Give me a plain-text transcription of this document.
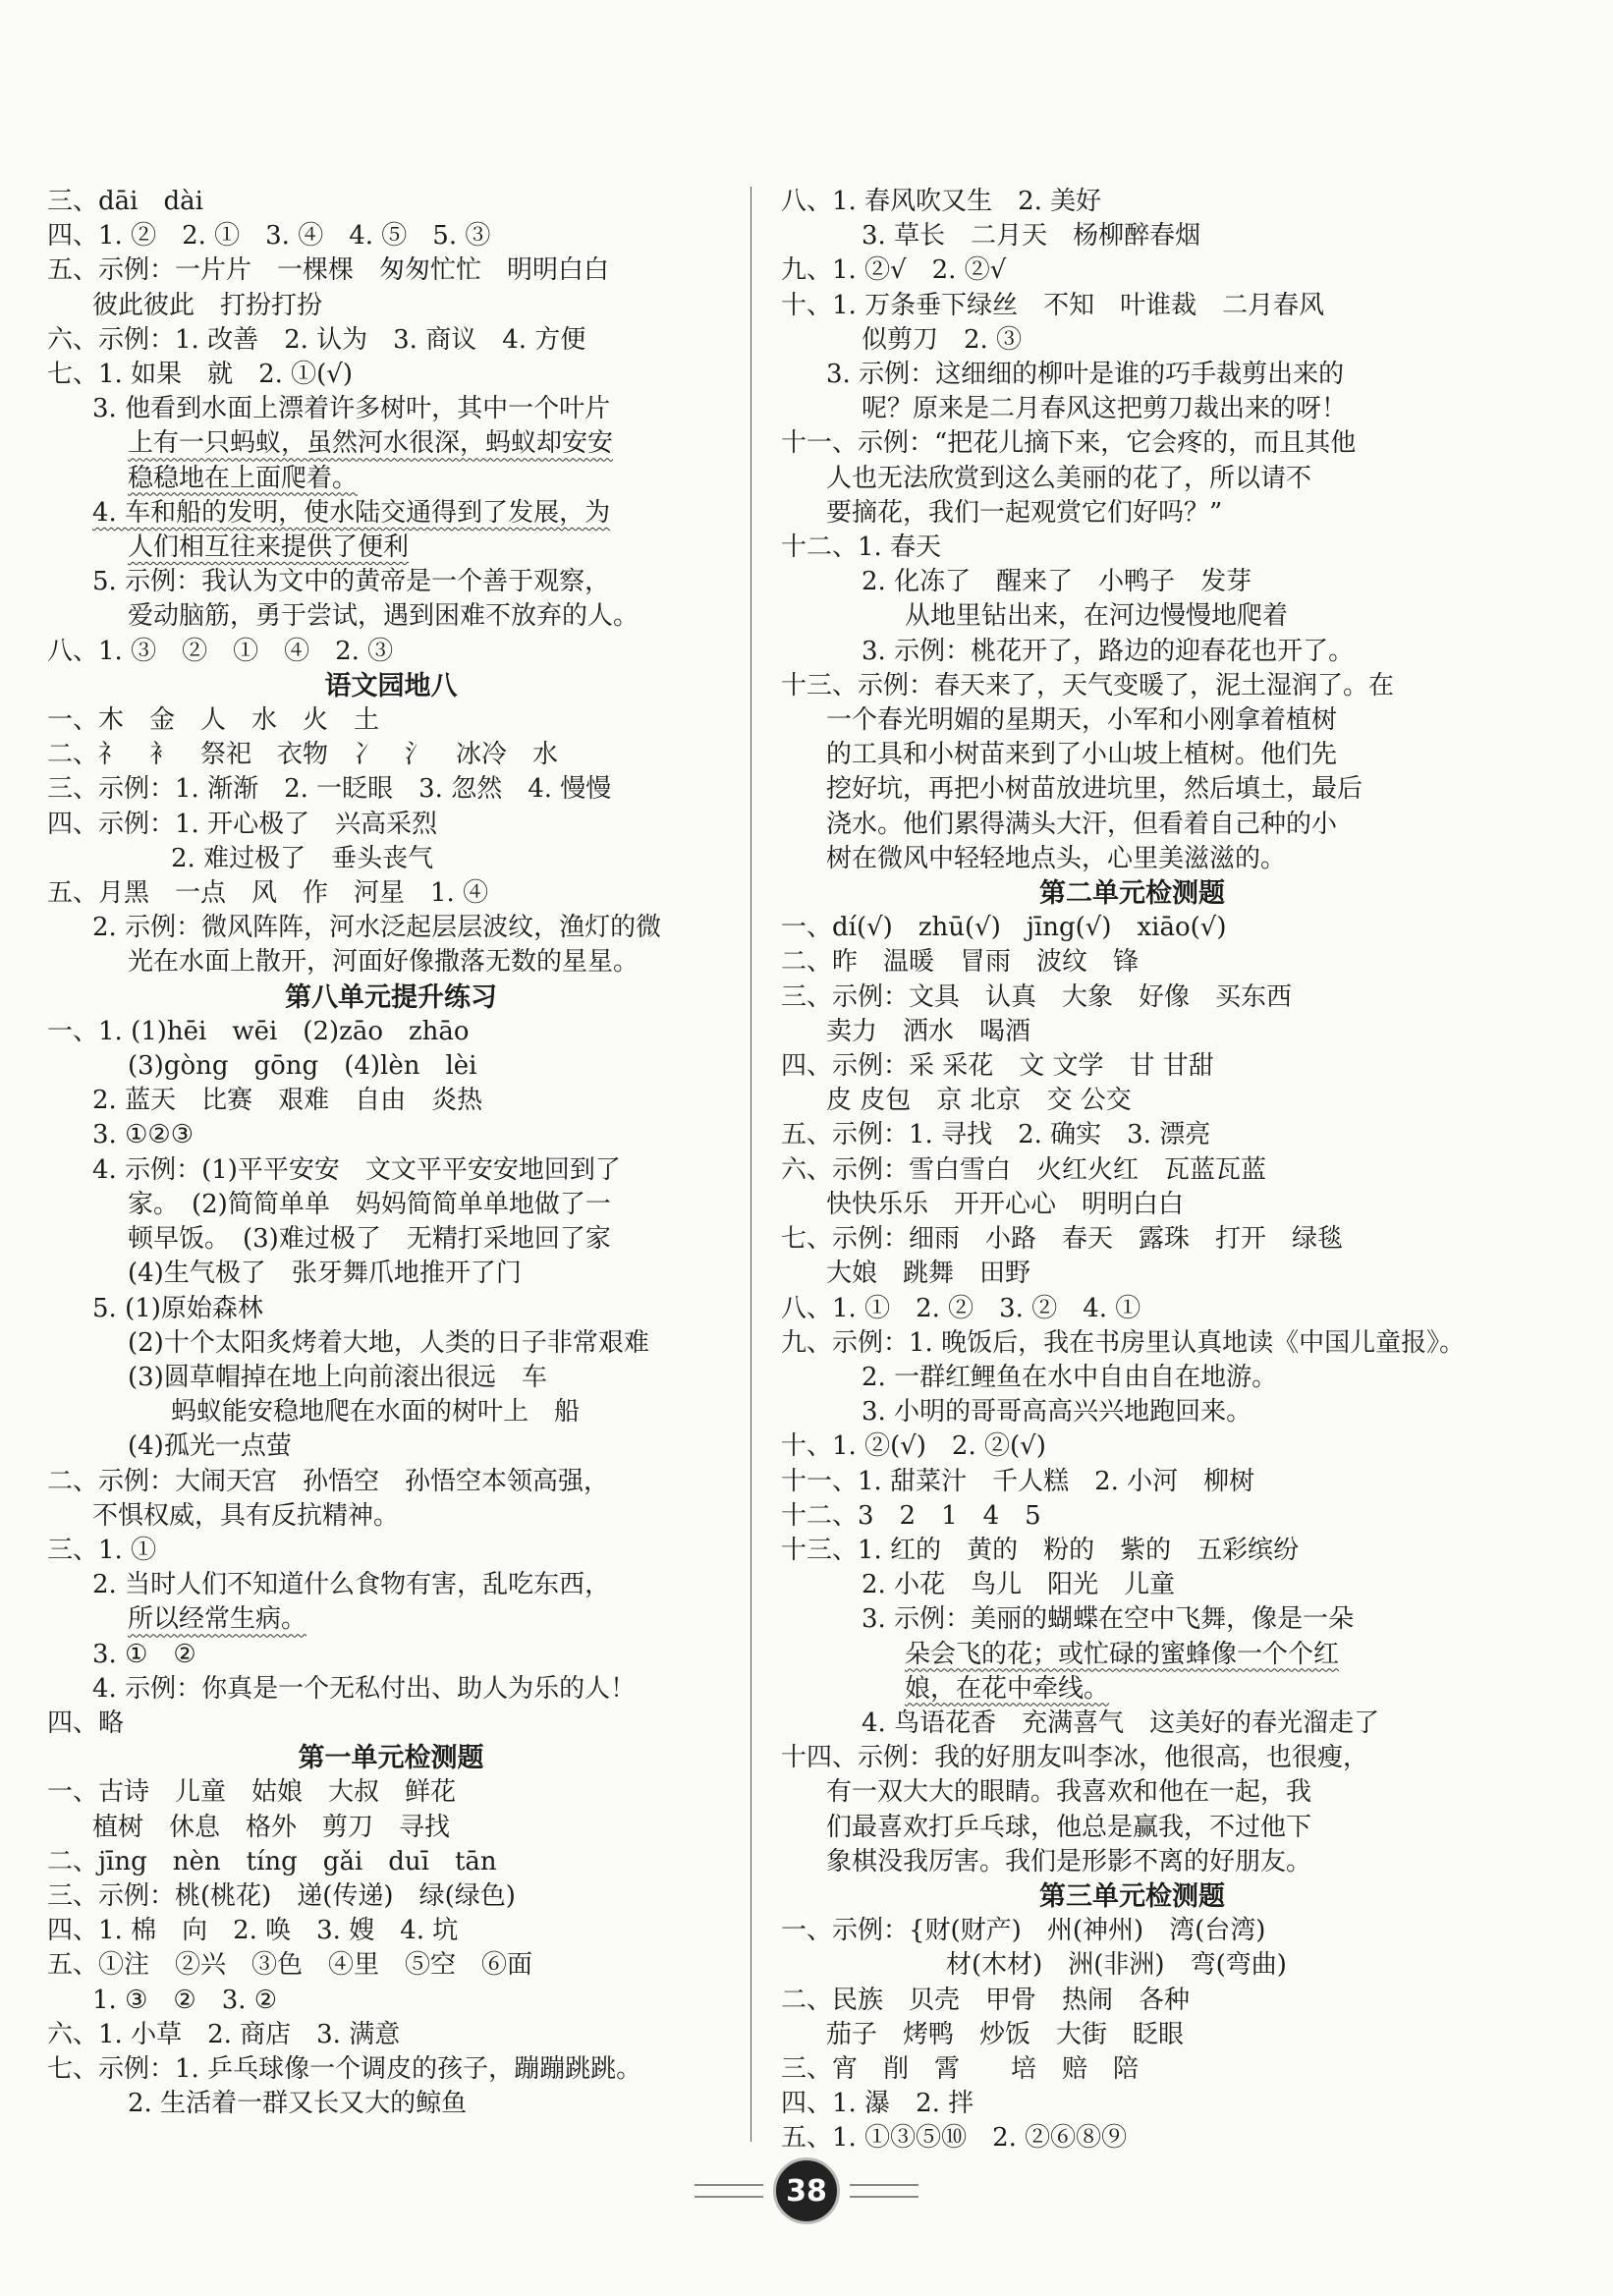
三、dāi　dài
四、1. ②　2. ①　3. ④　4. ⑤　5. ③
五、示例：一片片　一棵棵　匆匆忙忙　明明白白
彼此彼此　打扮打扮
六、示例：1. 改善　2. 认为　3. 商议　4. 方便
七、1. 如果　就　2. ①(√)
3. 他看到水面上漂着许多树叶，其中一个叶片
上有一只蚂蚁，虽然河水很深，蚂蚁却安安
稳稳地在上面爬着。
4. 车和船的发明，使水陆交通得到了发展，为
人们相互往来提供了便利
5. 示例：我认为文中的黄帝是一个善于观察，
爱动脑筋，勇于尝试，遇到困难不放弃的人。
八、1. ③　②　①　④　2. ③
语文园地八
一、木　金　人　水　火　土
二、礻　衤　祭祀　衣物　冫　氵　冰冷　水
三、示例：1. 渐渐　2. 一眨眼　3. 忽然　4. 慢慢
四、示例：1. 开心极了　兴高采烈
2. 难过极了　垂头丧气
五、月黑　一点　风　作　河星　1. ④
2. 示例：微风阵阵，河水泛起层层波纹，渔灯的微
光在水面上散开，河面好像撒落无数的星星。
第八单元提升练习
一、1. (1)hēi　wēi　(2)zāo　zhāo
(3)gòng　gōng　(4)lèn　lèi
2. 蓝天　比赛　艰难　自由　炎热
3. ①②③
4. 示例：(1)平平安安　文文平平安安地回到了
家。　(2)简简单单　妈妈简简单单地做了一
顿早饭。　(3)难过极了　无精打采地回了家
(4)生气极了　张牙舞爪地推开了门
5. (1)原始森林
(2)十个太阳炙烤着大地，人类的日子非常艰难
(3)圆草帽掉在地上向前滚出很远　车
蚂蚁能安稳地爬在水面的树叶上　船
(4)孤光一点萤
二、示例：大闹天宫　孙悟空　孙悟空本领高强，
不惧权威，具有反抗精神。
三、1. ①
2. 当时人们不知道什么食物有害，乱吃东西，
所以经常生病。
3. ①　②
4. 示例：你真是一个无私付出、助人为乐的人！
四、略
第一单元检测题
一、古诗　儿童　姑娘　大叔　鲜花
植树　休息　格外　剪刀　寻找
二、jīng　nèn　tíng　gǎi　duī　tān
三、示例：桃(桃花)　递(传递)　绿(绿色)
四、1. 棉　向　2. 唤　3. 嫂　4. 坑
五、①注　②兴　③色　④里　⑤空　⑥面
1. ③　②　3. ②
六、1. 小草　2. 商店　3. 满意
七、示例：1. 乒乓球像一个调皮的孩子，蹦蹦跳跳。
2. 生活着一群又长又大的鲸鱼
八、1. 春风吹又生　2. 美好
3. 草长　二月天　杨柳醉春烟
九、1. ②√　2. ②√
十、1. 万条垂下绿丝　不知　叶谁裁　二月春风
似剪刀　2. ③
3. 示例：这细细的柳叶是谁的巧手裁剪出来的
呢？原来是二月春风这把剪刀裁出来的呀！
十一、示例：“把花儿摘下来，它会疼的，而且其他
人也无法欣赏到这么美丽的花了，所以请不
要摘花，我们一起观赏它们好吗？”
十二、1. 春天
2. 化冻了　醒来了　小鸭子　发芽
从地里钻出来，在河边慢慢地爬着
3. 示例：桃花开了，路边的迎春花也开了。
十三、示例：春天来了，天气变暖了，泥土湿润了。在
一个春光明媚的星期天，小军和小刚拿着植树
的工具和小树苗来到了小山坡上植树。他们先
挖好坑，再把小树苗放进坑里，然后填土，最后
浇水。他们累得满头大汗，但看着自己种的小
树在微风中轻轻地点头，心里美滋滋的。
第二单元检测题
一、dí(√)　zhū(√)　jīng(√)　xiāo(√)
二、昨　温暖　冒雨　波纹　锋
三、示例：文具　认真　大象　好像　买东西
卖力　洒水　喝酒
四、示例：采 采花　文 文学　甘 甘甜
皮 皮包　京 北京　交 公交
五、示例：1. 寻找　2. 确实　3. 漂亮
六、示例：雪白雪白　火红火红　瓦蓝瓦蓝
快快乐乐　开开心心　明明白白
七、示例：细雨　小路　春天　露珠　打开　绿毯
大娘　跳舞　田野
八、1. ①　2. ②　3. ②　4. ①
九、示例：1. 晚饭后，我在书房里认真地读《中国儿童报》。
2. 一群红鲤鱼在水中自由自在地游。
3. 小明的哥哥高高兴兴地跑回来。
十、1. ②(√)　2. ②(√)
十一、1. 甜菜汁　千人糕　2. 小河　柳树
十二、3　2　1　4　5
十三、1. 红的　黄的　粉的　紫的　五彩缤纷
2. 小花　鸟儿　阳光　儿童
3. 示例：美丽的蝴蝶在空中飞舞，像是一朵
朵会飞的花；或忙碌的蜜蜂像一个个红
娘，在花中牵线。
4. 鸟语花香　充满喜气　这美好的春光溜走了
十四、示例：我的好朋友叫李冰，他很高，也很瘦，
有一双大大的眼睛。我喜欢和他在一起，我
们最喜欢打乒乓球，他总是赢我，不过他下
象棋没我厉害。我们是形影不离的好朋友。
第三单元检测题
一、示例：{财(财产)　州(神州)　湾(台湾)
材(木材)　洲(非洲)　弯(弯曲)
二、民族　贝壳　甲骨　热闹　各种
茄子　烤鸭　炒饭　大街　眨眼
三、宵　削　霄　　培　赔　陪
四、1. 瀑　2. 拌
五、1. ①③⑤⑩　2. ②⑥⑧⑨
38
